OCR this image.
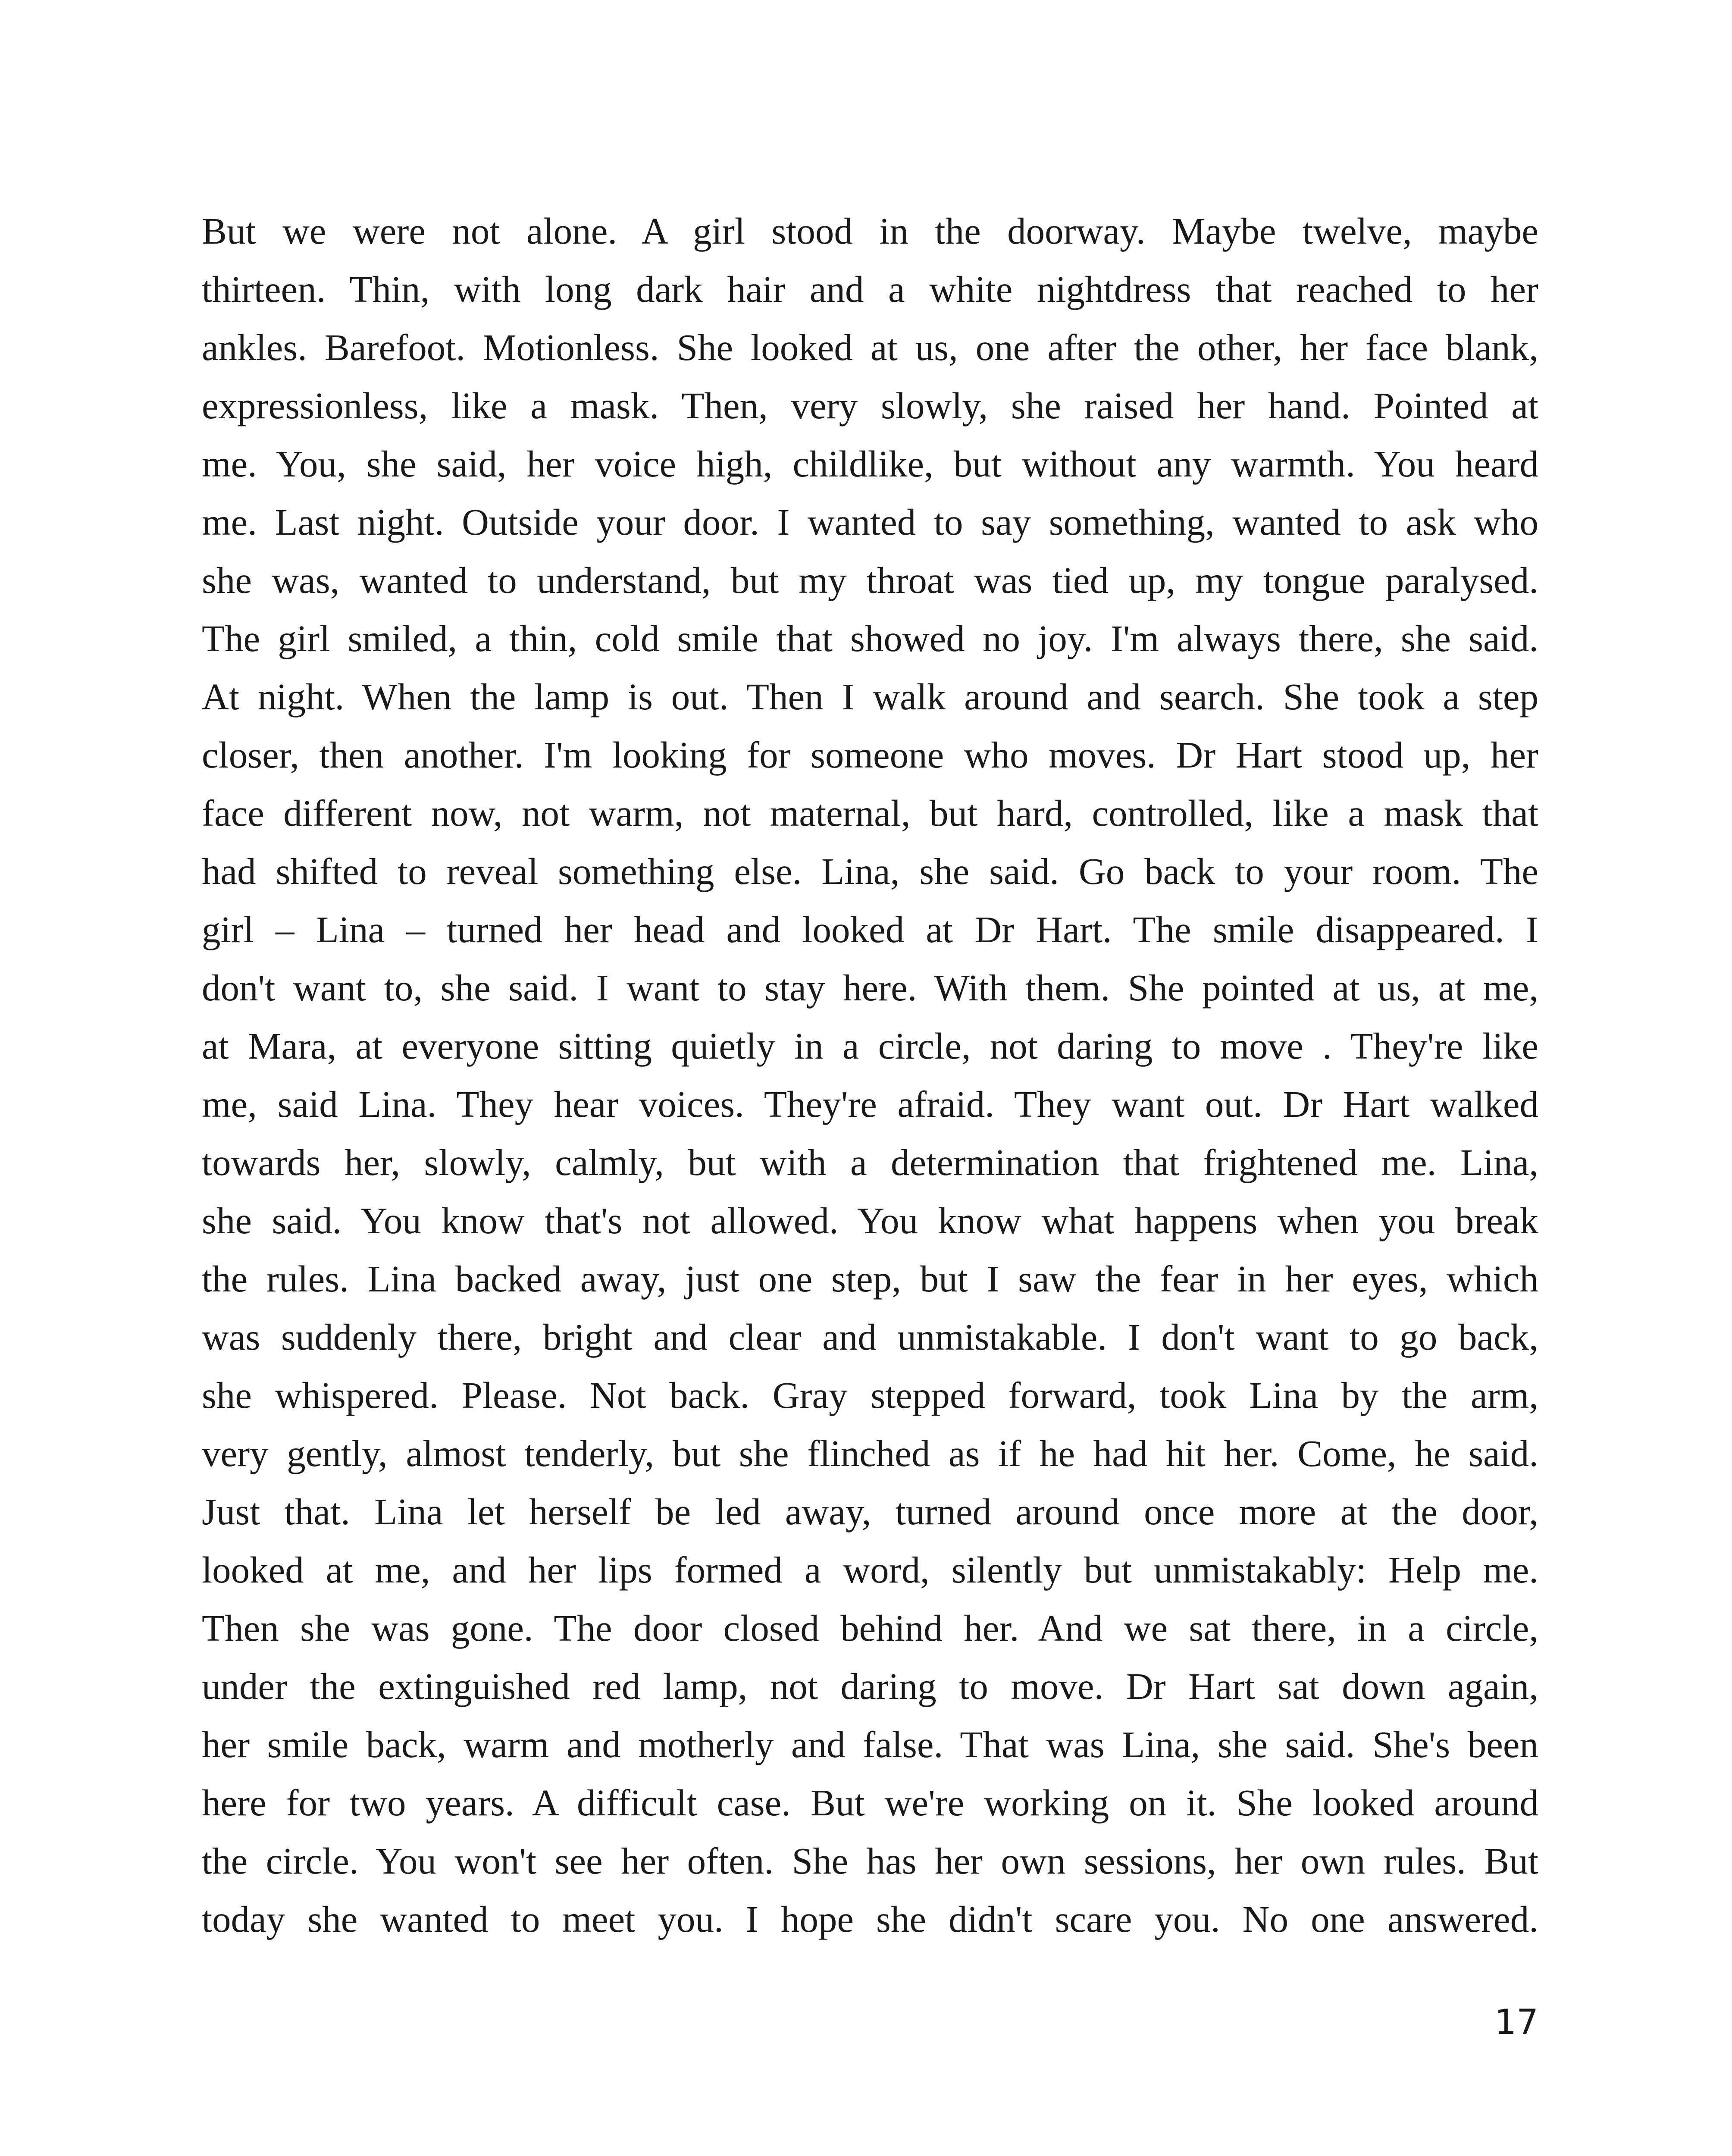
But we were not alone. A girl stood in the doorway. Maybe twelve, maybe
thirteen. Thin, with long dark hair and a white nightdress that reached to her
ankles. Barefoot. Motionless. She looked at us, one after the other, her face blank,
expressionless, like a mask. Then, very slowly, she raised her hand. Pointed at
me. You, she said, her voice high, childlike, but without any warmth. You heard
me. Last night. Outside your door. I wanted to say something, wanted to ask who
she was, wanted to understand, but my throat was tied up, my tongue paralysed.
The girl smiled, a thin, cold smile that showed no joy. I'm always there, she said.
At night. When the lamp is out. Then I walk around and search. She took a step
closer, then another. I'm looking for someone who moves. Dr Hart stood up, her
face different now, not warm, not maternal, but hard, controlled, like a mask that
had shifted to reveal something else. Lina, she said. Go back to your room. The
girl – Lina – turned her head and looked at Dr Hart. The smile disappeared. I
don't want to, she said. I want to stay here. With them. She pointed at us, at me,
at Mara, at everyone sitting quietly in a circle, not daring to move . They're like
me, said Lina. They hear voices. They're afraid. They want out. Dr Hart walked
towards her, slowly, calmly, but with a determination that frightened me. Lina,
she said. You know that's not allowed. You know what happens when you break
the rules. Lina backed away, just one step, but I saw the fear in her eyes, which
was suddenly there, bright and clear and unmistakable. I don't want to go back,
she whispered. Please. Not back. Gray stepped forward, took Lina by the arm,
very gently, almost tenderly, but she flinched as if he had hit her. Come, he said.
Just that. Lina let herself be led away, turned around once more at the door,
looked at me, and her lips formed a word, silently but unmistakably: Help me.
Then she was gone. The door closed behind her. And we sat there, in a circle,
under the extinguished red lamp, not daring to move. Dr Hart sat down again,
her smile back, warm and motherly and false. That was Lina, she said. She's been
here for two years. A difficult case. But we're working on it. She looked around
the circle. You won't see her often. She has her own sessions, her own rules. But
today she wanted to meet you. I hope she didn't scare you. No one answered.
17
